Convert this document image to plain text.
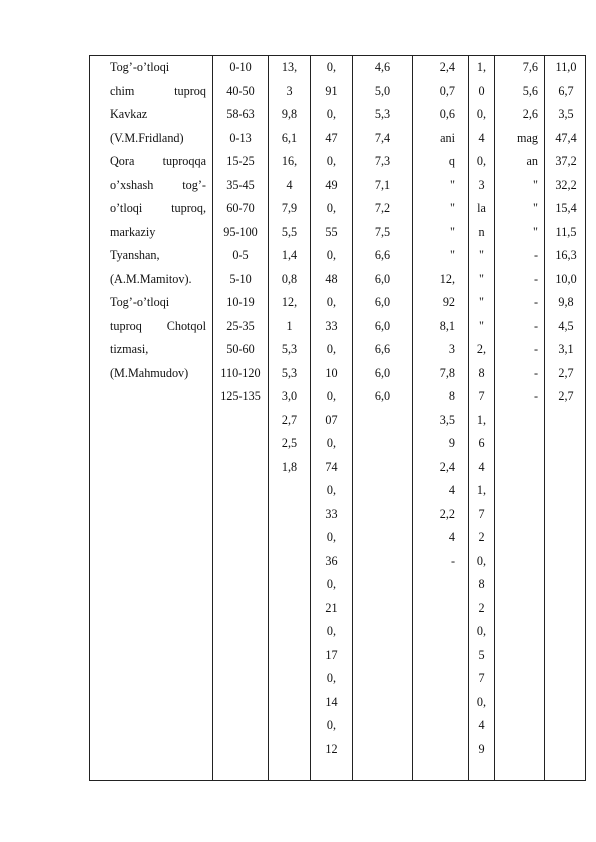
Tog’-o’tloqi
chim	tuproq
Kavkaz
(V.M.Fridland)
Qora tuproqqa
o’xshash tog’-
o’tloqi tuproq,
markaziy
Tyanshan,
(A.M.Mamitov).
Tog’-o’tloqi
tuproq Chotqol
tizmasi,
(M.Mahmudov)
0-10
40-50
58-63
0-13
15-25
35-45
60-70
95-100
0-5
5-10
10-19
25-35
50-60
110-120
125-135
13,
3
9,8
6,1
16,
4
7,9
5,5
1,4
0,8
12,
1
5,3
5,3
3,0
2,7
2,5
1,8
0,
91
0,
47
0,
49
0,
55
0,
48
0,
33
0,
10
0,
07
0,
74
0,
33
0,
36
0,
21
0,
17
0,
14
0,
12
4,6
5,0
5,3
7,4
7,3
7,1
7,2
7,5
6,6
6,0
6,0
6,0
6,6
6,0
6,0
2,4
0,7
0,6
ani
q
"
"
"
"
12,
92
8,1
3
7,8
8
3,5
9
2,4
4
2,2
4
-
1,
0
0,
4
0,
3
la
n
"
"
"
"
2,
8
7
1,
6
4
1,
7
2
0,
8
2
0,
5
7
0,
4
9
7,6
5,6
2,6
mag
an
"
"
"
-
-
-
-
-
-
-
11,0
6,7
3,5
47,4
37,2
32,2
15,4
11,5
16,3
10,0
9,8
4,5
3,1
2,7
2,7
